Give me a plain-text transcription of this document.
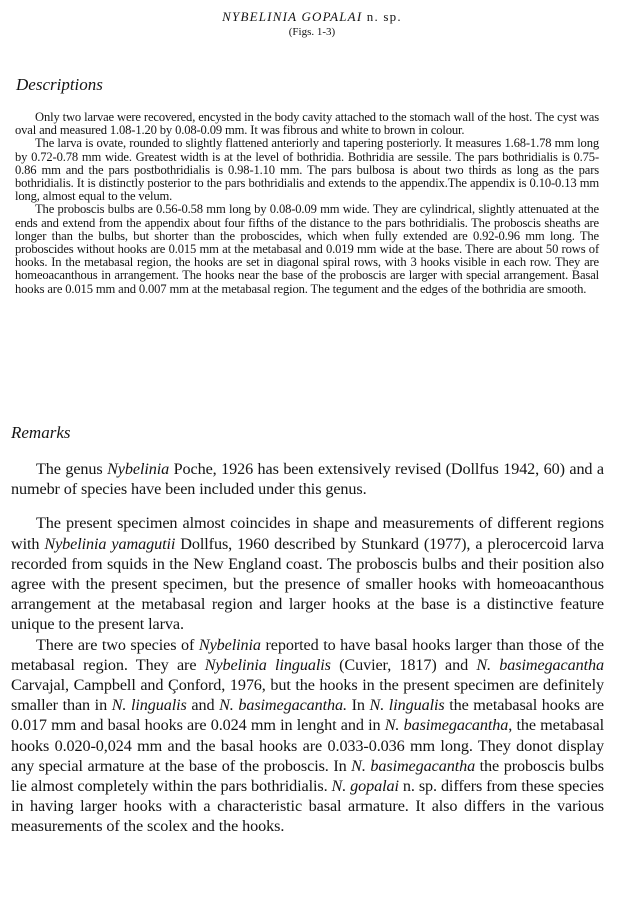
NYBELINIA GOPALAI n. sp.
(Figs. 1-3)
Descriptions

Only two larvae were recovered, encysted in the body cavity attached to the stomach wall of the host. The cyst was oval and measured 1.08-1.20 by 0.08-0.09 mm. It was fibrous and white to brown in colour.

The larva is ovate, rounded to slightly flattened anteriorly and tapering posteriorly. It measures 1.68-1.78 mm long by 0.72-0.78 mm wide. Greatest width is at the level of bothridia. Bothridia are sessile. The pars bothridialis is 0.75-0.86 mm and the pars postbothridialis is 0.98-1.10 mm. The pars bulbosa is about two thirds as long as the pars bothridialis. It is distinctly posterior to the pars bothridialis and extends to the appendix.The appendix is 0.10-0.13 mm long, almost equal to the velum.

The proboscis bulbs are 0.56-0.58 mm long by 0.08-0.09 mm wide. They are cylindrical, slightly attenuated at the ends and extend from the appendix about four fifths of the distance to the pars bothridialis. The proboscis sheaths are longer than the bulbs, but shorter than the proboscides, which when fully extended are 0.92-0.96 mm long. The proboscides without hooks are 0.015 mm at the metabasal and 0.019 mm wide at the base. There are about 50 rows of hooks. In the metabasal region, the hooks are set in diagonal spiral rows, with 3 hooks visible in each row. They are homeoacanthous in arrangement. The hooks near the base of the proboscis are larger with special arrangement. Basal hooks are 0.015 mm and 0.007 mm at the metabasal region. The tegument and the edges of the bothridia are smooth.

Remarks

The genus Nybelinia Poche, 1926 has been extensively revised (Dollfus 1942, 60) and a numebr of species have been included under this genus.

The present specimen almost coincides in shape and measurements of different regions with Nybelinia yamagutii Dollfus, 1960 described by Stunkard (1977), a plerocercoid larva recorded from squids in the New England coast. The proboscis bulbs and their position also agree with the present specimen, but the presence of smaller hooks with homeoacanthous arrangement at the metabasal region and larger hooks at the base is a distinctive feature unique to the present larva.

There are two species of Nybelinia reported to have basal hooks larger than those of the metabasal region. They are Nybelinia lingualis (Cuvier, 1817) and N. basimegacantha Carvajal, Campbell and Çonford, 1976, but the hooks in the present specimen are definitely smaller than in N. lingualis and N. basimegacantha. In N. lingualis the metabasal hooks are 0.017 mm and basal hooks are 0.024 mm in lenght and in N. basimegacantha, the metabasal hooks 0.020-0,024 mm and the basal hooks are 0.033-0.036 mm long. They donot display any special armature at the base of the proboscis. In N. basimegacantha the proboscis bulbs lie almost completely within the pars bothridialis. N. gopalai n. sp. differs from these species in having larger hooks with a characteristic basal armature. It also differs in the various measurements of the scolex and the hooks.
